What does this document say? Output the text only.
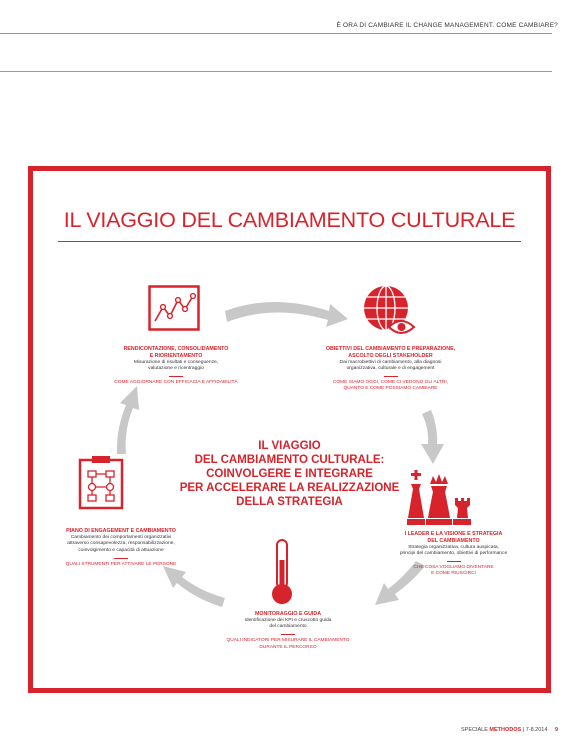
È ORA DI CAMBIARE IL CHANGE MANAGEMENT. COME CAMBIARE?
IL VIAGGIO DEL CAMBIAMENTO CULTURALE
RENDICONTAZIONE, CONSOLIDAMENTO
E RIORIENTAMENTO
Misurazione di risultati e conseguenze,
valutazione e ricentraggio
COME AGGIORNARE CON EFFICACIA E AFFIDABILITÀ
OBIETTIVI DEL CAMBIAMENTO E PREPARAZIONE,
ASCOLTO DEGLI STAKEHOLDER
Dai macrobiettivi di cambiamento, alla diagnosi
organizzativa, culturale e di engagement
COME SIAMO OGGI, COME CI VEDONO GLI ALTRI,
QUANTO E COME POSSIAMO CAMBIARE
IL VIAGGIO
DEL CAMBIAMENTO CULTURALE:
COINVOLGERE E INTEGRARE
PER ACCELERARE LA REALIZZAZIONE
DELLA STRATEGIA
PIANO DI ENGAGEMENT E CAMBIAMENTO
Cambiamento dei comportamenti organizzativi
attraverso consapevolezza, responsabilizzazione,
coinvolgimento e capacità di attuazione
QUALI STRUMENTI PER ATTIVARE LE PERSONE
I LEADER E LA VISIONE E STRATEGIA
DEL CAMBIAMENTO
Strategia organizzativa, cultura auspicata,
principi del cambiamento, obiettivi di performance
CHE COSA VOGLIAMO DIVENTARE
E COME RIUSCIRCI
MONITORAGGIO E GUIDA
Identificazione dei KPI e cruscotto guida
del cambiamento
QUALI INDICATORI PER MISURARE IL CAMBIAMENTO
DURANTE IL PERCORSO
SPECIALE METHODOS | 7-8.2014 9
